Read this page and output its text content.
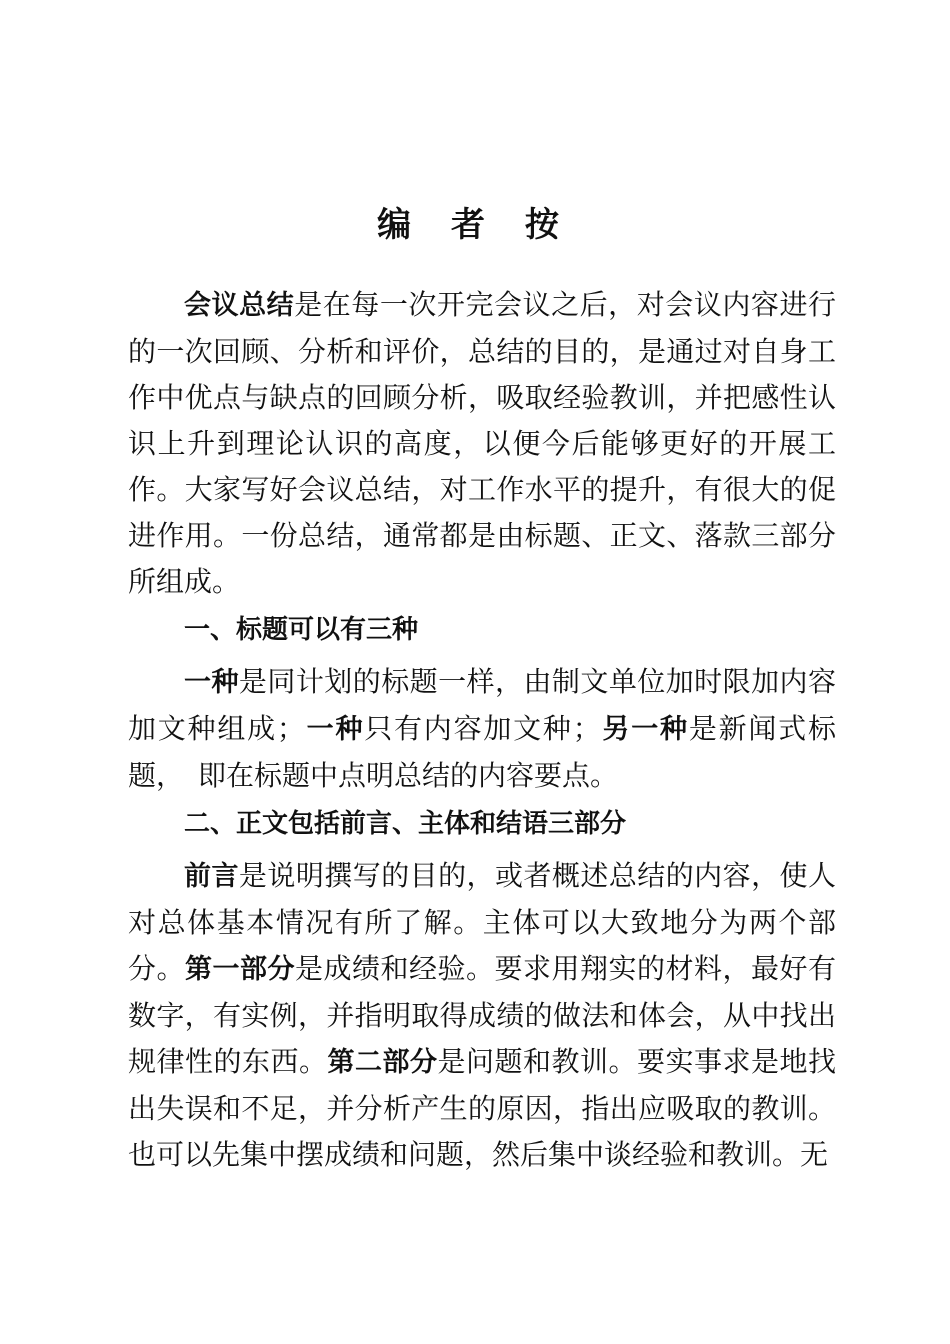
编 者 按

会议总结是在每一次开完会议之后，对会议内容进行的一次回顾、分析和评价，总结的目的，是通过对自身工作中优点与缺点的回顾分析，吸取经验教训，并把感性认识上升到理论认识的高度，以便今后能够更好的开展工作。大家写好会议总结，对工作水平的提升，有很大的促进作用。一份总结，通常都是由标题、正文、落款三部分所组成。

一、标题可以有三种

一种是同计划的标题一样，由制文单位加时限加内容加文种组成；一种只有内容加文种；另一种是新闻式标题，　即在标题中点明总结的内容要点。

二、正文包括前言、主体和结语三部分

前言是说明撰写的目的，或者概述总结的内容，使人对总体基本情况有所了解。主体可以大致地分为两个部分。第一部分是成绩和经验。要求用翔实的材料，最好有数字，有实例，并指明取得成绩的做法和体会，从中找出规律性的东西。第二部分是问题和教训。要实事求是地找出失误和不足，并分析产生的原因，指出应吸取的教训。也可以先集中摆成绩和问题，然后集中谈经验和教训。无
